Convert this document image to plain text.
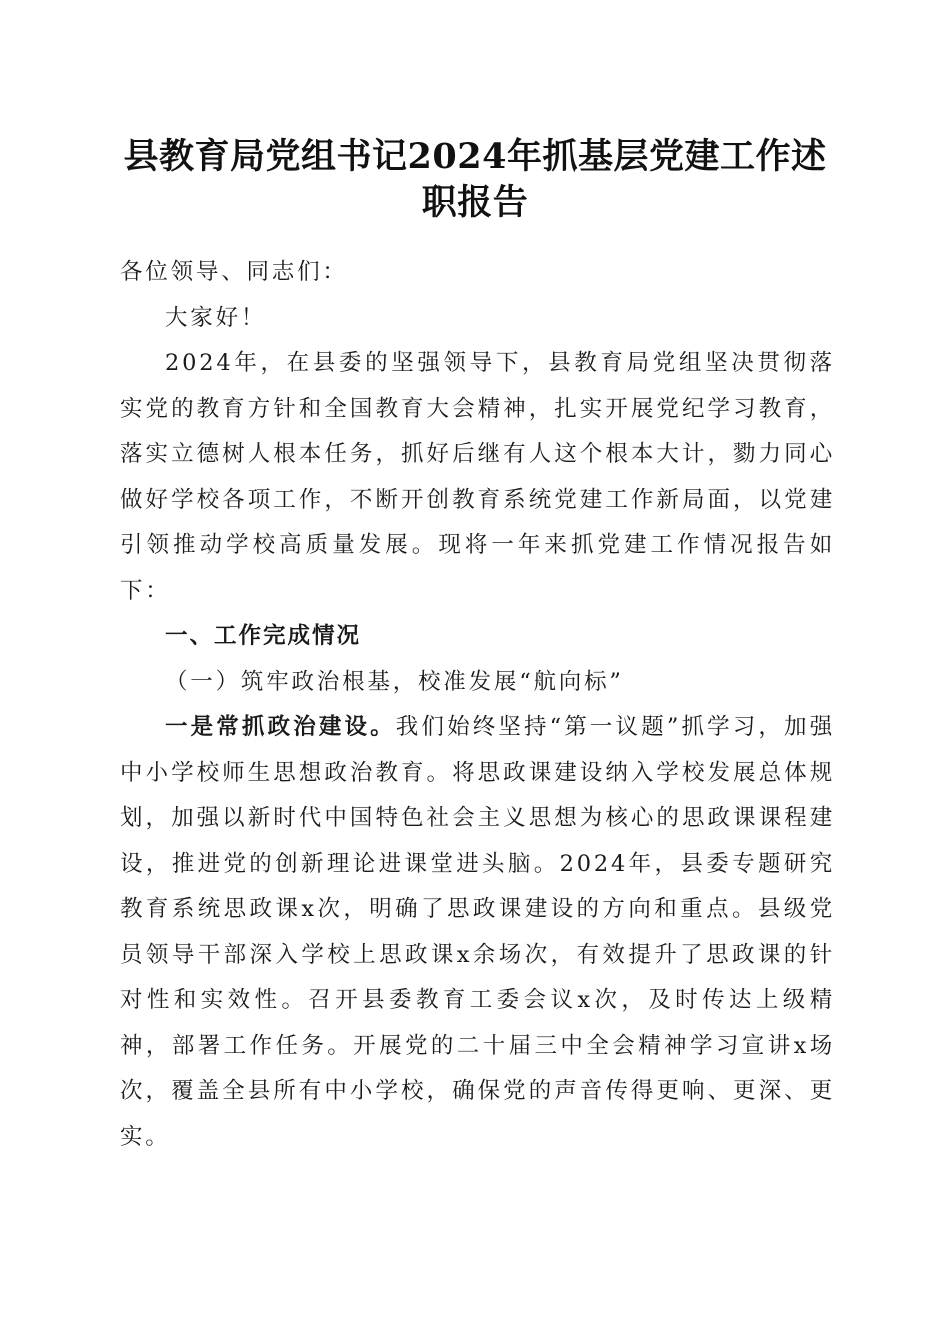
县教育局党组书记2024年抓基层党建工作述职报告

各位领导、同志们：

大家好！

2024年，在县委的坚强领导下，县教育局党组坚决贯彻落实党的教育方针和全国教育大会精神，扎实开展党纪学习教育，落实立德树人根本任务，抓好后继有人这个根本大计，勠力同心做好学校各项工作，不断开创教育系统党建工作新局面，以党建引领推动学校高质量发展。现将一年来抓党建工作情况报告如下：

一、工作完成情况

（一）筑牢政治根基，校准发展“航向标”

一是常抓政治建设。我们始终坚持“第一议题”抓学习，加强中小学校师生思想政治教育。将思政课建设纳入学校发展总体规划，加强以新时代中国特色社会主义思想为核心的思政课课程建设，推进党的创新理论进课堂进头脑。2024年，县委专题研究教育系统思政课x次，明确了思政课建设的方向和重点。县级党员领导干部深入学校上思政课x余场次，有效提升了思政课的针对性和实效性。召开县委教育工委会议x次，及时传达上级精神，部署工作任务。开展党的二十届三中全会精神学习宣讲x场次，覆盖全县所有中小学校，确保党的声音传得更响、更深、更实。
